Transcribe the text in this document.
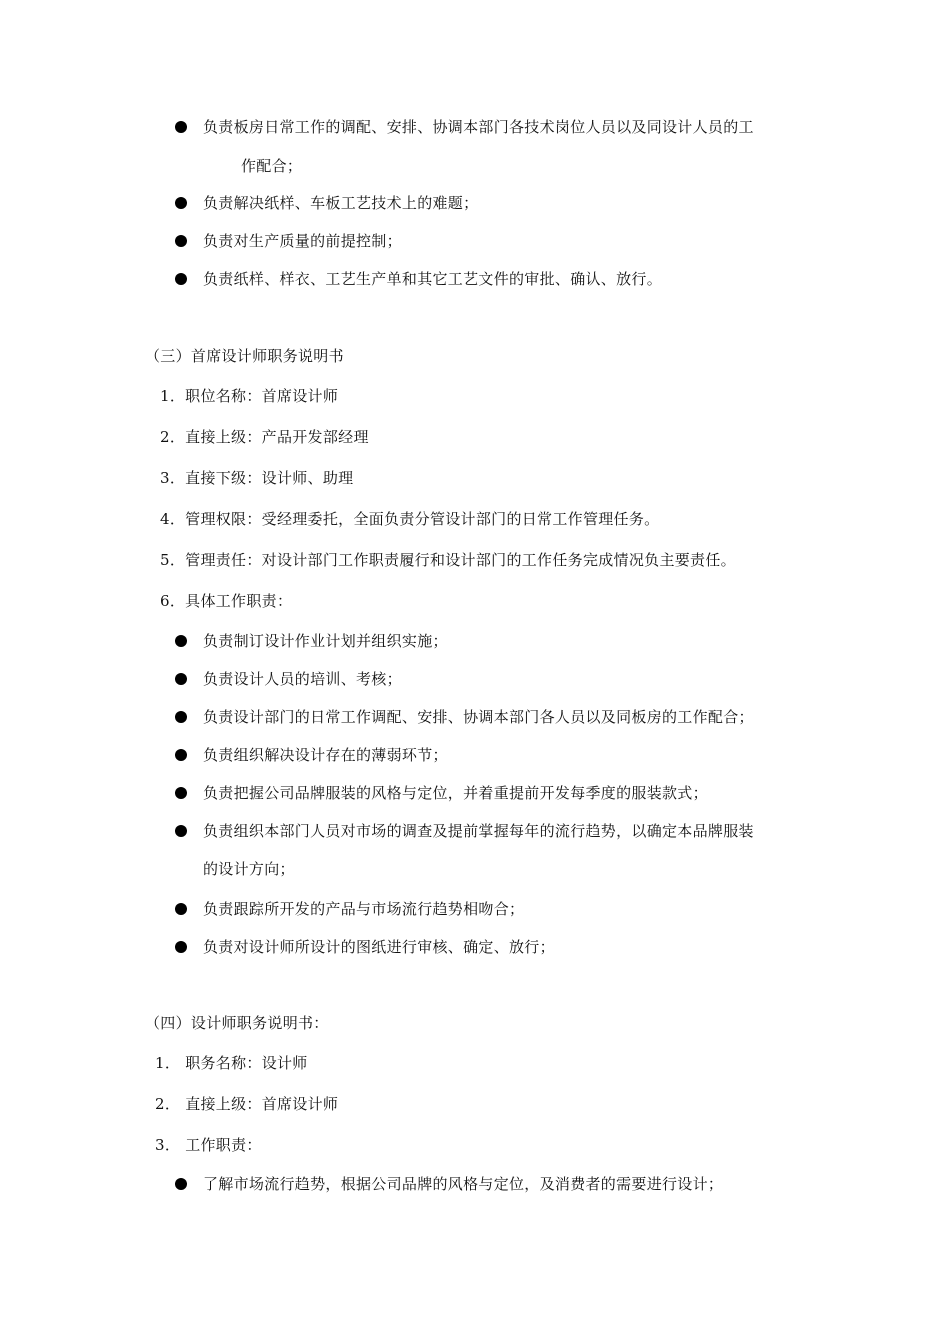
负责板房日常工作的调配、安排、协调本部门各技术岗位人员以及同设计人员的工
作配合；
负责解决纸样、车板工艺技术上的难题；
负责对生产质量的前提控制；
负责纸样、样衣、工艺生产单和其它工艺文件的审批、确认、放行。
（三）首席设计师职务说明书
1．职位名称：首席设计师
2．直接上级：产品开发部经理
3．直接下级：设计师、助理
4．管理权限：受经理委托，全面负责分管设计部门的日常工作管理任务。
5．管理责任：对设计部门工作职责履行和设计部门的工作任务完成情况负主要责任。
6．具体工作职责：
负责制订设计作业计划并组织实施；
负责设计人员的培训、考核；
负责设计部门的日常工作调配、安排、协调本部门各人员以及同板房的工作配合；
负责组织解决设计存在的薄弱环节；
负责把握公司品牌服装的风格与定位，并着重提前开发每季度的服装款式；
负责组织本部门人员对市场的调查及提前掌握每年的流行趋势，以确定本品牌服装
的设计方向；
负责跟踪所开发的产品与市场流行趋势相吻合；
负责对设计师所设计的图纸进行审核、确定、放行；
（四）设计师职务说明书：
1． 职务名称：设计师
2． 直接上级：首席设计师
3． 工作职责：
了解市场流行趋势，根据公司品牌的风格与定位，及消费者的需要进行设计；
